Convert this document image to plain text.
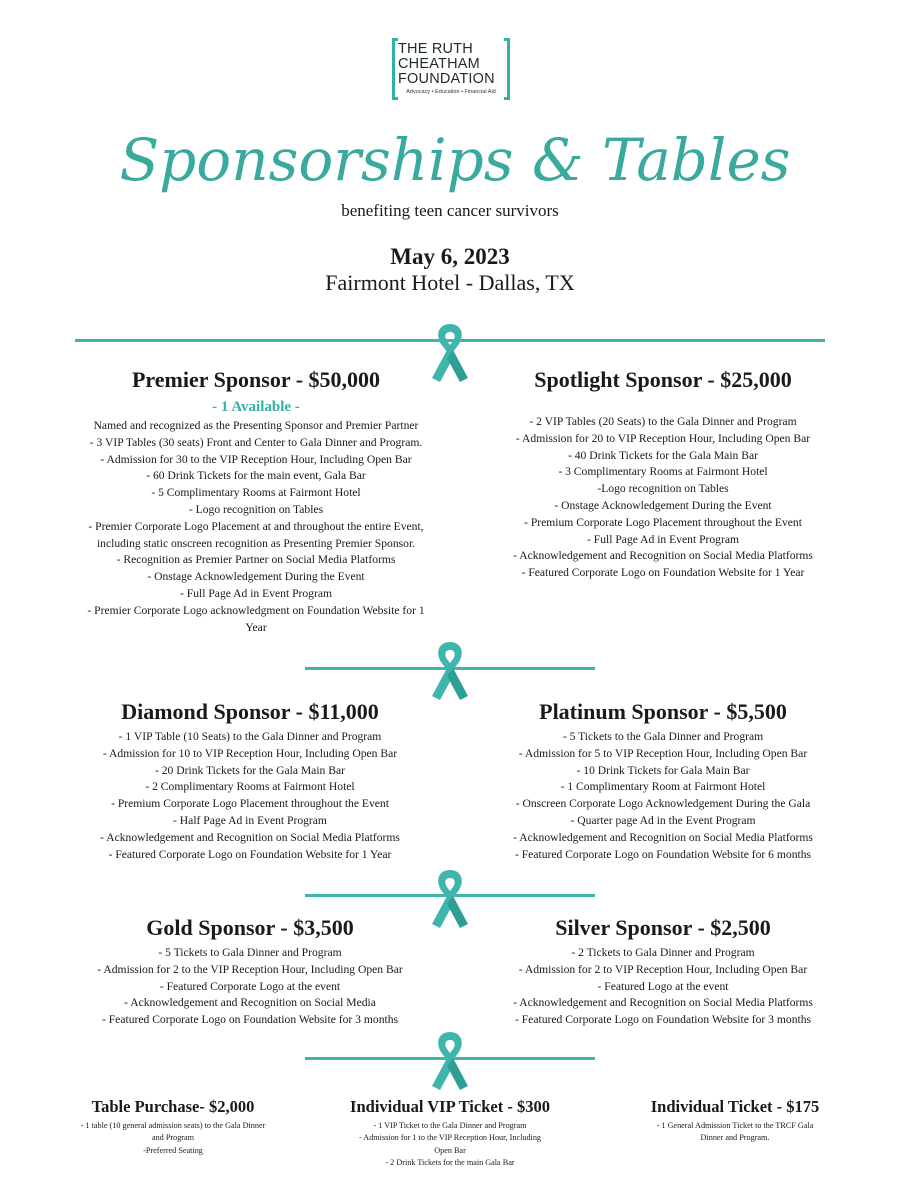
THE RUTH
CHEATHAM
FOUNDATION
Advocacy • Education • Financial Aid
Sponsorships & Tables
benefiting teen cancer survivors
May 6, 2023
Fairmont Hotel - Dallas, TX
Premier Sponsor - $50,000
- 1 Available -
Named and recognized as the Presenting Sponsor and Premier Partner
- 3 VIP Tables (30 seats) Front and Center to Gala Dinner and Program.
- Admission for 30 to the VIP Reception Hour, Including Open Bar
- 60 Drink Tickets for the main event, Gala Bar
- 5 Complimentary Rooms at Fairmont Hotel
- Logo recognition on Tables
- Premier Corporate Logo Placement at and throughout the entire Event,
including static onscreen recognition as Presenting Premier Sponsor.
- Recognition as Premier Partner on Social Media Platforms
- Onstage Acknowledgement During the Event
- Full Page Ad in Event Program
- Premier Corporate Logo acknowledgment on Foundation Website for 1
Year
Spotlight Sponsor - $25,000
- 2 VIP Tables (20 Seats) to the Gala Dinner and Program
- Admission for 20 to VIP Reception Hour, Including Open Bar
- 40 Drink Tickets for the Gala Main Bar
- 3 Complimentary Rooms at Fairmont Hotel
-Logo recognition on Tables
- Onstage Acknowledgement During the Event
- Premium Corporate Logo Placement throughout the Event
- Full Page Ad in Event Program
- Acknowledgement and Recognition on Social Media Platforms
- Featured Corporate Logo on Foundation Website for 1 Year
Diamond Sponsor - $11,000
- 1 VIP Table (10 Seats) to the Gala Dinner and Program
- Admission for 10 to VIP Reception Hour, Including Open Bar
- 20 Drink Tickets for the Gala Main Bar
- 2 Complimentary Rooms at Fairmont Hotel
- Premium Corporate Logo Placement throughout the Event
- Half Page Ad in Event Program
- Acknowledgement and Recognition on Social Media Platforms
- Featured Corporate Logo on Foundation Website for 1 Year
Platinum Sponsor - $5,500
- 5 Tickets to the Gala Dinner and Program
- Admission for 5 to VIP Reception Hour, Including Open Bar
- 10 Drink Tickets for Gala Main Bar
- 1 Complimentary Room at Fairmont Hotel
- Onscreen Corporate Logo Acknowledgement During the Gala
- Quarter page Ad in the Event Program
- Acknowledgement and Recognition on Social Media Platforms
- Featured Corporate Logo on Foundation Website for 6 months
Gold Sponsor - $3,500
- 5 Tickets to Gala Dinner and Program
- Admission for 2 to the VIP Reception Hour, Including Open Bar
- Featured Corporate Logo at the event
- Acknowledgement and Recognition on Social Media
- Featured Corporate Logo on Foundation Website for 3 months
Silver Sponsor - $2,500
- 2 Tickets to Gala Dinner and Program
- Admission for 2 to VIP Reception Hour, Including Open Bar
- Featured Logo at the event
- Acknowledgement and Recognition on Social Media Platforms
- Featured Corporate Logo on Foundation Website for 3 months
Table Purchase- $2,000
- 1 table (10 general admission seats) to the Gala Dinner
and Program
-Preferred Seating
Individual VIP Ticket - $300
- 1 VIP Ticket to the Gala Dinner and Program
- Admission for 1 to the VIP Reception Hour, Including
Open Bar
- 2 Drink Tickets for the main Gala Bar
Individual Ticket - $175
- 1 General Admission Ticket to the TRCF Gala
Dinner and Program.
